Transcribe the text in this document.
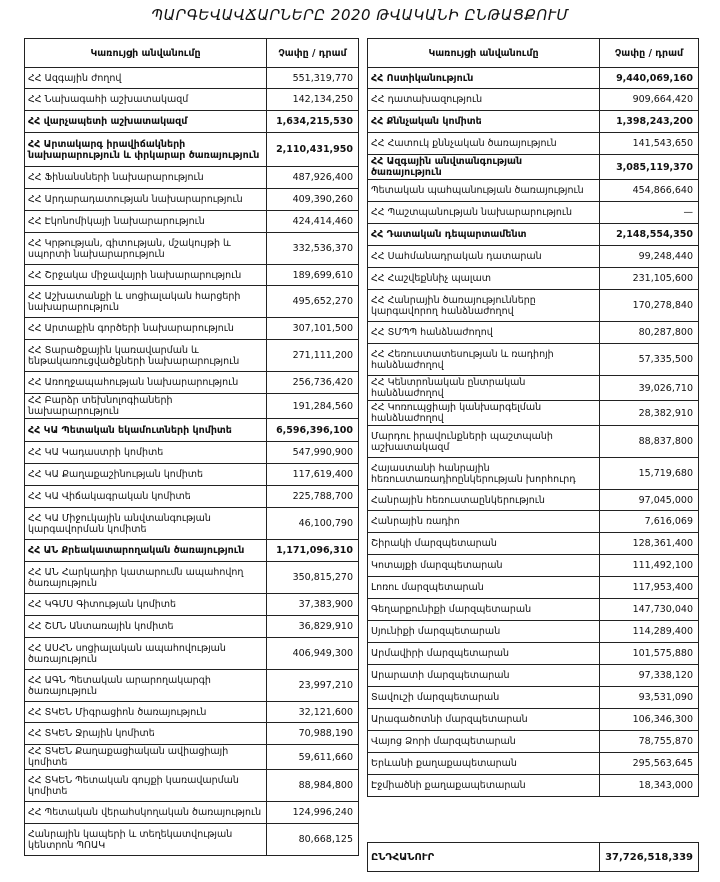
ՊԱՐԳԵՎԱՎՃԱՐՆԵՐԸ 2020 ԹՎԱԿԱՆԻ ԸՆԹԱՑՔՈՒՄ
Կառույցի անվանումը	Չափը / դրամ
ՀՀ Ազգային ժողով	551,319,770
ՀՀ Նախագահի աշխատակազմ	142,134,250
ՀՀ վարչապետի աշխատակազմ	1,634,215,530
ՀՀ Արտակարգ իրավիճակների նախարարություն և փրկարար ծառայություն	2,110,431,950
ՀՀ Ֆինանսների նախարարություն	487,926,400
ՀՀ Արդարադատության նախարարություն	409,390,260
ՀՀ Էկոնոմիկայի նախարարություն	424,414,460
ՀՀ Կրթության, գիտության, մշակույթի և սպորտի նախարարություն	332,536,370
ՀՀ Շրջակա միջավայրի նախարարություն	189,699,610
ՀՀ Աշխատանքի և սոցիալական հարցերի նախարարություն	495,652,270
ՀՀ Արտաքին գործերի նախարարություն	307,101,500
ՀՀ Տարածքային կառավարման և ենթակառուցվածքների նախարարություն	271,111,200
ՀՀ Առողջապահության նախարարություն	256,736,420
ՀՀ Բարձր տեխնոլոգիաների նախարարություն	191,284,560
ՀՀ ԿԱ Պետական եկամուտների կոմիտե	6,596,396,100
ՀՀ ԿԱ Կադաստրի կոմիտե	547,990,900
ՀՀ ԿԱ Քաղաքաշինության կոմիտե	117,619,400
ՀՀ ԿԱ Վիճակագրական կոմիտե	225,788,700
ՀՀ ԿԱ Միջուկային անվտանգության կարգավորման կոմիտե	46,100,790
ՀՀ ԱՆ Քրեակատարողական ծառայություն	1,171,096,310
ՀՀ ԱՆ Հարկադիր կատարումն ապահովող ծառայություն	350,815,270
ՀՀ ԿԳՄՍ Գիտության կոմիտե	37,383,900
ՀՀ ՇՄՆ Անտառային կոմիտե	36,829,910
ՀՀ ԱՍՀՆ սոցիալական ապահովության ծառայություն	406,949,300
ՀՀ ԱԳՆ Պետական արարողակարգի ծառայություն	23,997,210
ՀՀ ՏԿԵՆ Միգրացիոն ծառայություն	32,121,600
ՀՀ ՏԿԵՆ Ջրային կոմիտե	70,988,190
ՀՀ ՏԿԵՆ Քաղաքացիական ավիացիայի կոմիտե	59,611,660
ՀՀ ՏԿԵՆ Պետական գույքի կառավարման կոմիտե	88,984,800
ՀՀ Պետական վերահսկողական ծառայություն	124,996,240
Հանրային կապերի և տեղեկատվության կենտրոն ՊՈԱԿ	80,668,125
Կառույցի անվանումը	Չափը / դրամ
ՀՀ Ոստիկանություն	9,440,069,160
ՀՀ դատախազություն	909,664,420
ՀՀ Քննչական կոմիտե	1,398,243,200
ՀՀ Հատուկ քննչական ծառայություն	141,543,650
ՀՀ Ազգային անվտանգության ծառայություն	3,085,119,370
Պետական պահպանության ծառայություն	454,866,640
ՀՀ Պաշտպանության նախարարություն	—
ՀՀ Դատական դեպարտամենտ	2,148,554,350
ՀՀ Սահմանադրական դատարան	99,248,440
ՀՀ Հաշվեքննիչ պալատ	231,105,600
ՀՀ Հանրային ծառայությունները կարգավորող հանձնաժողով	170,278,840
ՀՀ ՏՄՊՊ հանձնաժողով	80,287,800
ՀՀ Հեռուստատեսության և ռադիոյի հանձնաժողով	57,335,500
ՀՀ Կենտրոնական ընտրական հանձնաժողով	39,026,710
ՀՀ Կոռուպցիայի կանխարգելման հանձնաժողով	28,382,910
Մարդու իրավունքների պաշտպանի աշխատակազմ	88,837,800
Հայաստանի հանրային հեռուստառադիոընկերության խորհուրդ	15,719,680
Հանրային հեռուստաընկերություն	97,045,000
Հանրային ռադիո	7,616,069
Շիրակի մարզպետարան	128,361,400
Կոտայքի մարզպետարան	111,492,100
Լոռու մարզպետարան	117,953,400
Գեղարքունիքի մարզպետարան	147,730,040
Սյունիքի մարզպետարան	114,289,400
Արմավիրի մարզպետարան	101,575,880
Արարատի մարզպետարան	97,338,120
Տավուշի մարզպետարան	93,531,090
Արագածոտնի մարզպետարան	106,346,300
Վայոց Ձորի մարզպետարան	78,755,870
Երևանի քաղաքապետարան	295,563,645
Էջմիածնի քաղաքապետարան	18,343,000
ԸՆԴՀԱՆՈՒՐ	37,726,518,339
